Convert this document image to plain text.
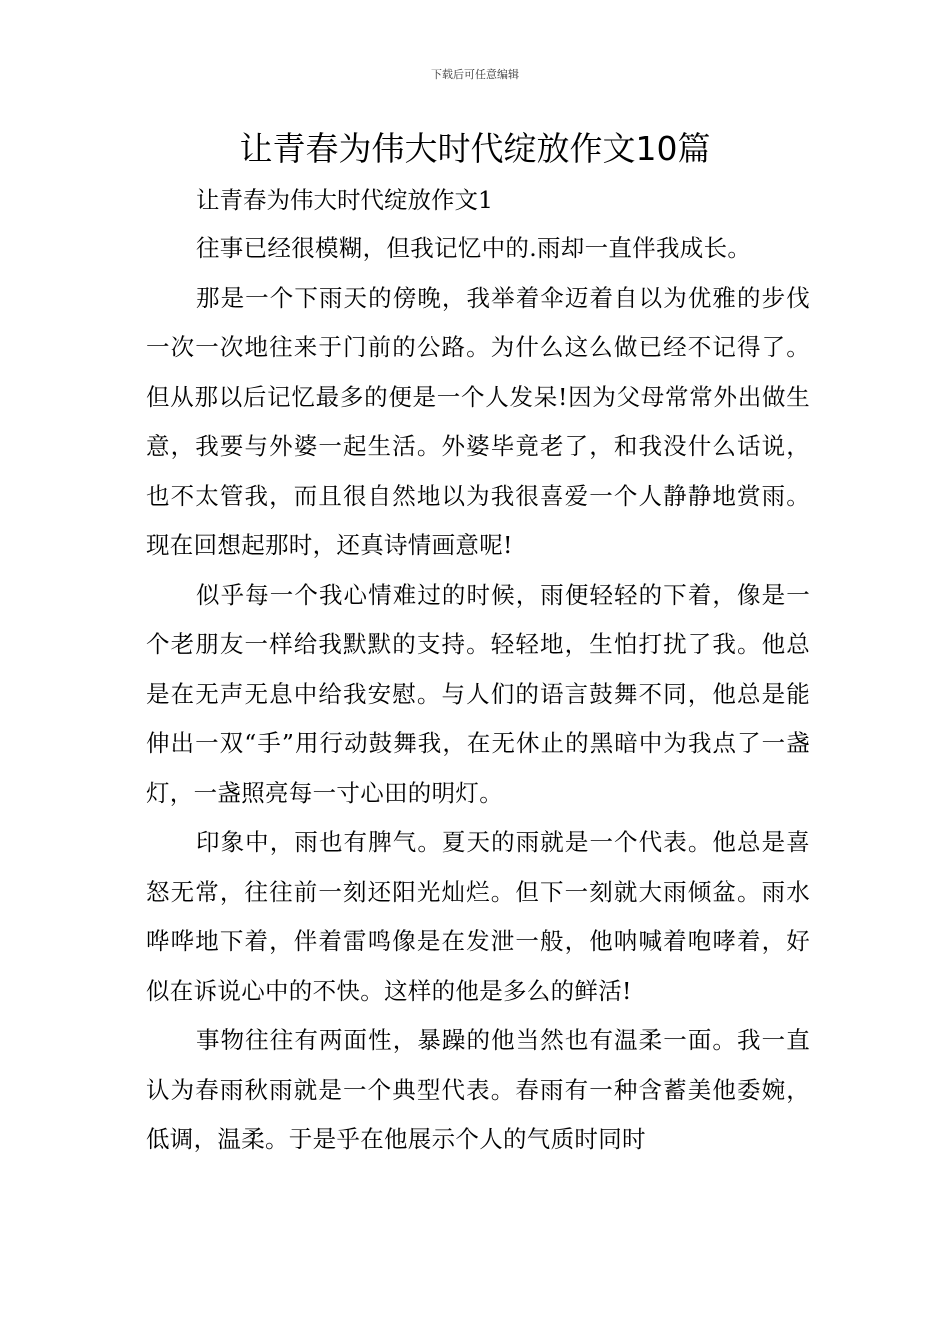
下载后可任意编辑
让青春为伟大时代绽放作文10篇
让青春为伟大时代绽放作文1

往事已经很模糊，但我记忆中的.雨却一直伴我成长。

那是一个下雨天的傍晚，我举着伞迈着自以为优雅的步伐一次一次地往来于门前的公路。为什么这么做已经不记得了。但从那以后记忆最多的便是一个人发呆!因为父母常常外出做生意，我要与外婆一起生活。外婆毕竟老了，和我没什么话说，也不太管我，而且很自然地以为我很喜爱一个人静静地赏雨。现在回想起那时，还真诗情画意呢!

似乎每一个我心情难过的时候，雨便轻轻的下着，像是一个老朋友一样给我默默的支持。轻轻地，生怕打扰了我。他总是在无声无息中给我安慰。与人们的语言鼓舞不同，他总是能伸出一双“手”用行动鼓舞我，在无休止的黑暗中为我点了一盏灯，一盏照亮每一寸心田的明灯。

印象中，雨也有脾气。夏天的雨就是一个代表。他总是喜怒无常，往往前一刻还阳光灿烂。但下一刻就大雨倾盆。雨水哗哗地下着，伴着雷鸣像是在发泄一般，他呐喊着咆哮着，好似在诉说心中的不快。这样的他是多么的鲜活!

事物往往有两面性，暴躁的他当然也有温柔一面。我一直认为春雨秋雨就是一个典型代表。春雨有一种含蓄美他委婉，低调，温柔。于是乎在他展示个人的气质时同时
